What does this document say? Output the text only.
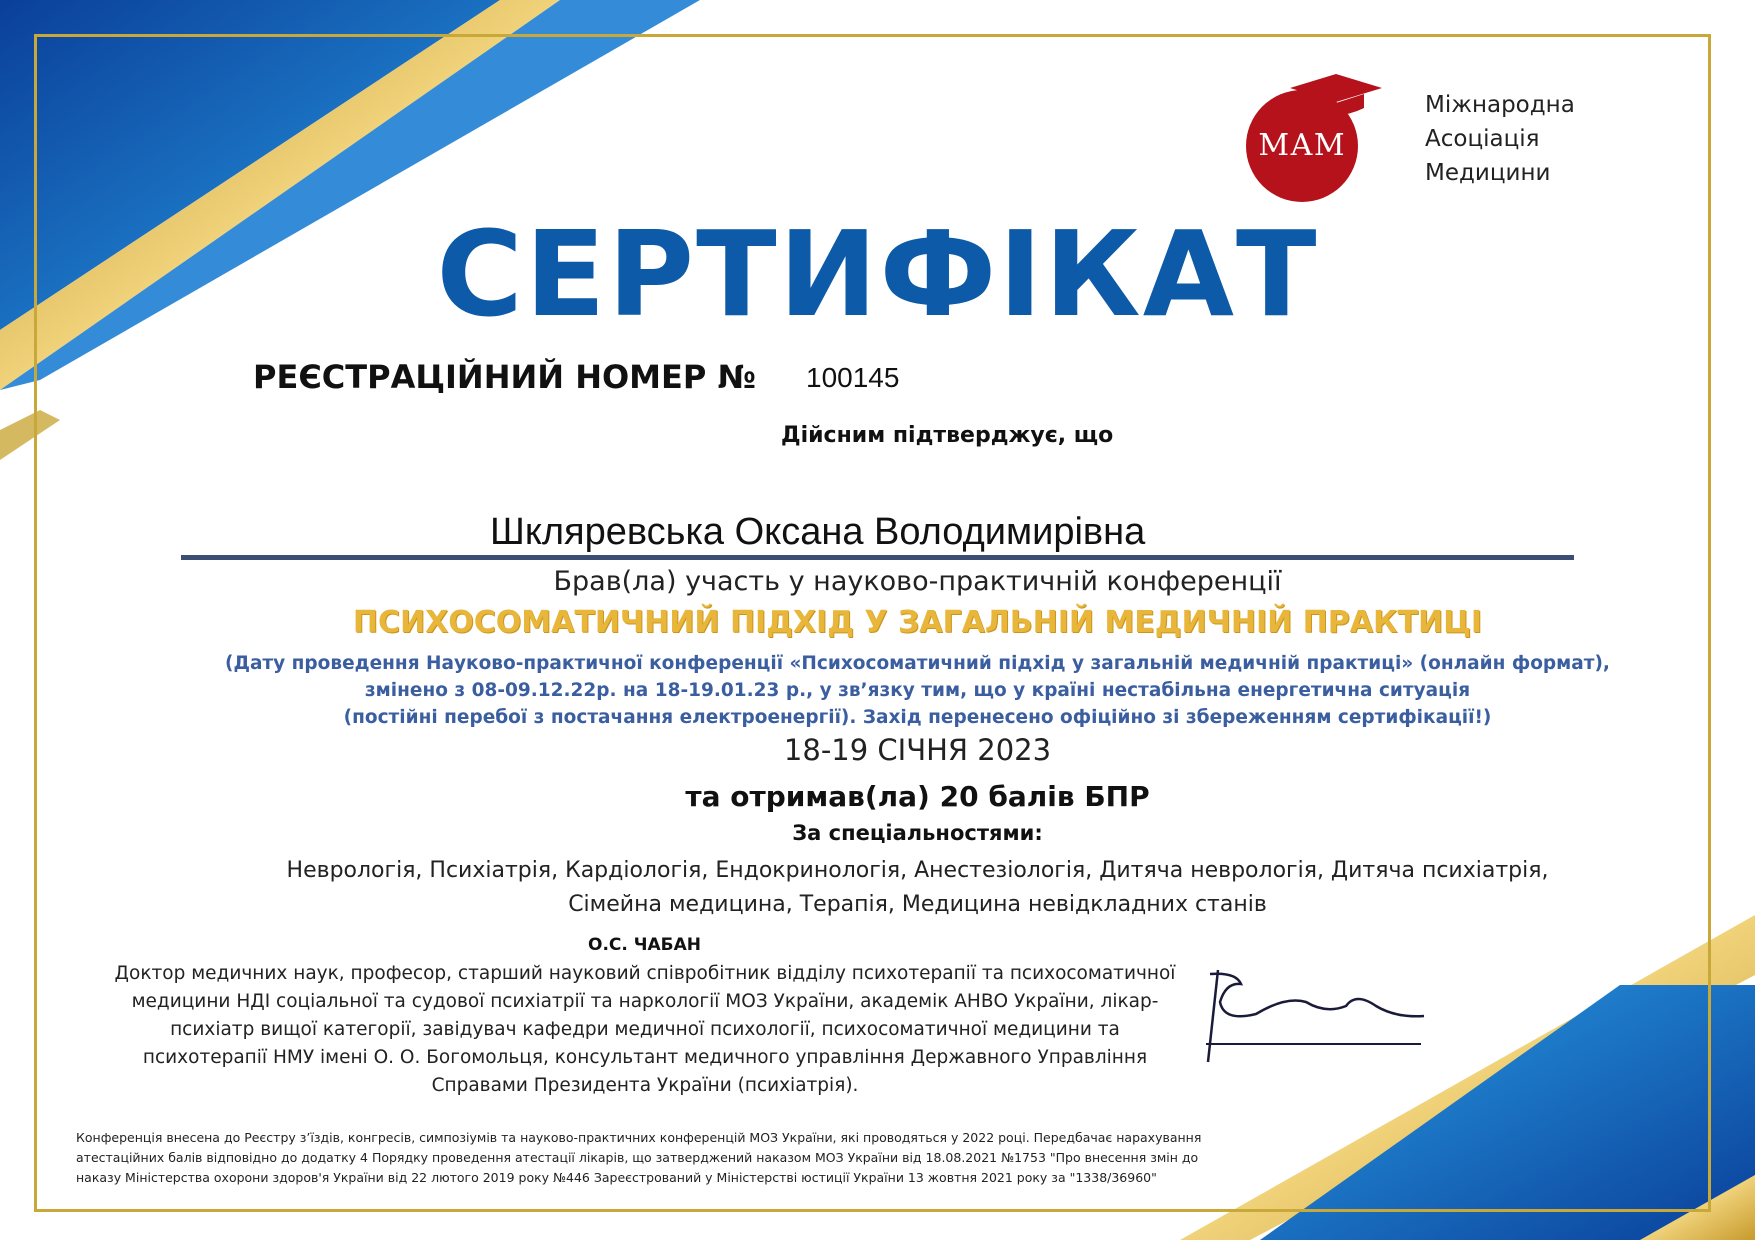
МАМ
Міжнародна
Асоціація
Медицини
СЕРТИФІКАТ
РЕЄСТРАЦІЙНИЙ НОМЕР № 100145
Дійсним підтверджує, що
Шкляревська Оксана Володимирівна
Брав(ла) участь у науково-практичній конференції
ПСИХОСОМАТИЧНИЙ ПІДХІД У ЗАГАЛЬНІЙ МЕДИЧНІЙ ПРАКТИЦІ
(Дату проведення Науково-практичної конференції «Психосоматичний підхід у загальній медичній практиці» (онлайн формат),
змінено з 08-09.12.22р. на 18-19.01.23 р., у зв’язку тим, що у країні нестабільна енергетична ситуація
(постійні перебої з постачання електроенергії). Захід перенесено офіційно зі збереженням сертифікації!)
18-19 СІЧНЯ 2023
та отримав(ла) 20 балів БПР
За спеціальностями:
Неврологія, Психіатрія, Кардіологія, Ендокринологія, Анестезіологія, Дитяча неврологія, Дитяча психіатрія,
Сімейна медицина, Терапія, Медицина невідкладних станів
О.С. ЧАБАН
Доктор медичних наук, професор, старший науковий співробітник відділу психотерапії та психосоматичної
медицини НДІ соціальної та судової психіатрії та наркології МОЗ України, академік АНВО України, лікар-
психіатр вищої категорії, завідувач кафедри медичної психології, психосоматичної медицини та
психотерапії НМУ імені О. О. Богомольця, консультант медичного управління Державного Управління
Справами Президента України (психіатрія).
Конференція внесена до Реєстру з’їздів, конгресів, симпозіумів та науково-практичних конференцій МОЗ України, які проводяться у 2022 році. Передбачає нарахування
атестаційних балів відповідно до додатку 4 Порядку проведення атестації лікарів, що затверджений наказом МОЗ України від 18.08.2021 №1753 "Про внесення змін до
наказу Міністерства охорони здоров'я України від 22 лютого 2019 року №446 Зареєстрований у Міністерстві юстиції України 13 жовтня 2021 року за "1338/36960"
